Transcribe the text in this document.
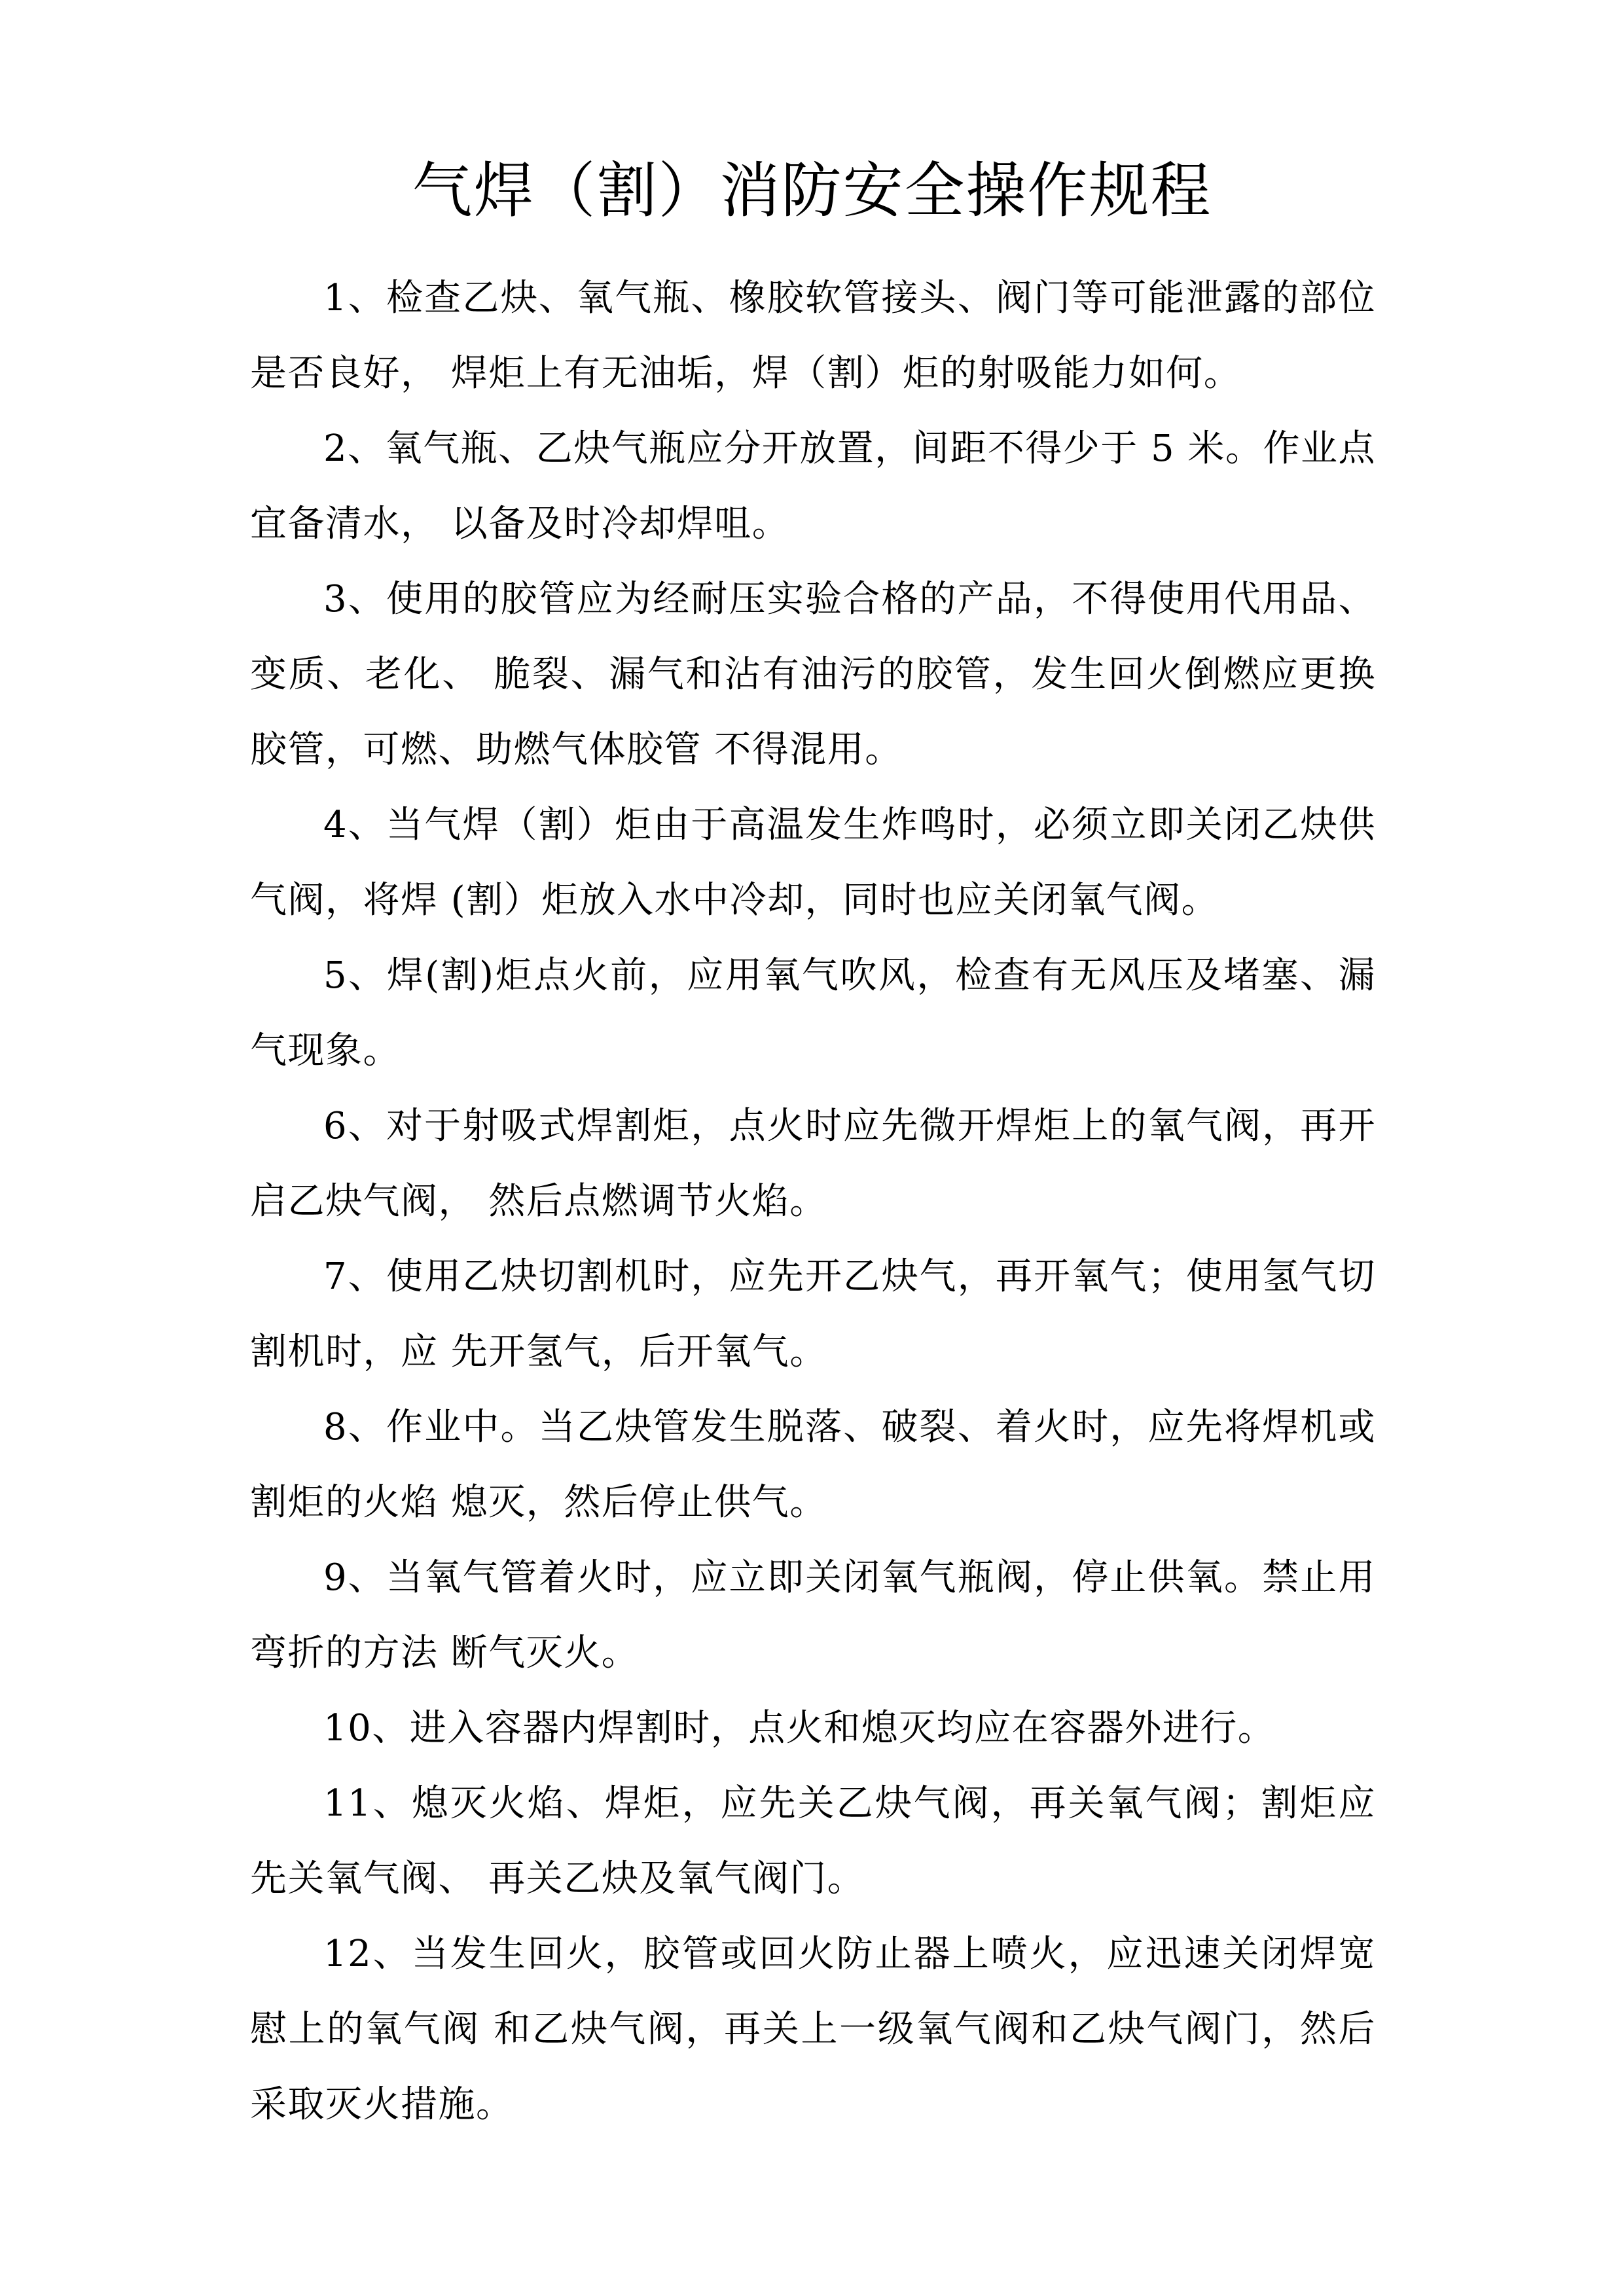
气焊（割）消防安全操作规程

1、检查乙炔、氧气瓶、橡胶软管接头、阀门等可能泄露的部位是否良好， 焊炬上有无油垢，焊（割）炬的射吸能力如何。

2、氧气瓶、乙炔气瓶应分开放置，间距不得少于 5 米。作业点宜备清水， 以备及时冷却焊咀。

3、使用的胶管应为经耐压实验合格的产品，不得使用代用品、变质、老化、 脆裂、漏气和沾有油污的胶管，发生回火倒燃应更换胶管，可燃、助燃气体胶管 不得混用。

4、当气焊（割）炬由于高温发生炸鸣时，必须立即关闭乙炔供气阀，将焊 (割）炬放入水中冷却，同时也应关闭氧气阀。

5、焊(割)炬点火前，应用氧气吹风，检查有无风压及堵塞、漏气现象。

6、对于射吸式焊割炬，点火时应先微开焊炬上的氧气阀，再开启乙炔气阀， 然后点燃调节火焰。

7、使用乙炔切割机时，应先开乙炔气，再开氧气；使用氢气切割机时，应 先开氢气，后开氧气。

8、作业中。当乙炔管发生脱落、破裂、着火时，应先将焊机或割炬的火焰 熄灭，然后停止供气。

9、当氧气管着火时，应立即关闭氧气瓶阀，停止供氧。禁止用弯折的方法 断气灭火。

10、进入容器内焊割时，点火和熄灭均应在容器外进行。

11、熄灭火焰、焊炬，应先关乙炔气阀，再关氧气阀；割炬应先关氧气阀、 再关乙炔及氧气阀门。

12、当发生回火，胶管或回火防止器上喷火，应迅速关闭焊宽慰上的氧气阀 和乙炔气阀，再关上一级氧气阀和乙炔气阀门，然后采取灭火措施。
